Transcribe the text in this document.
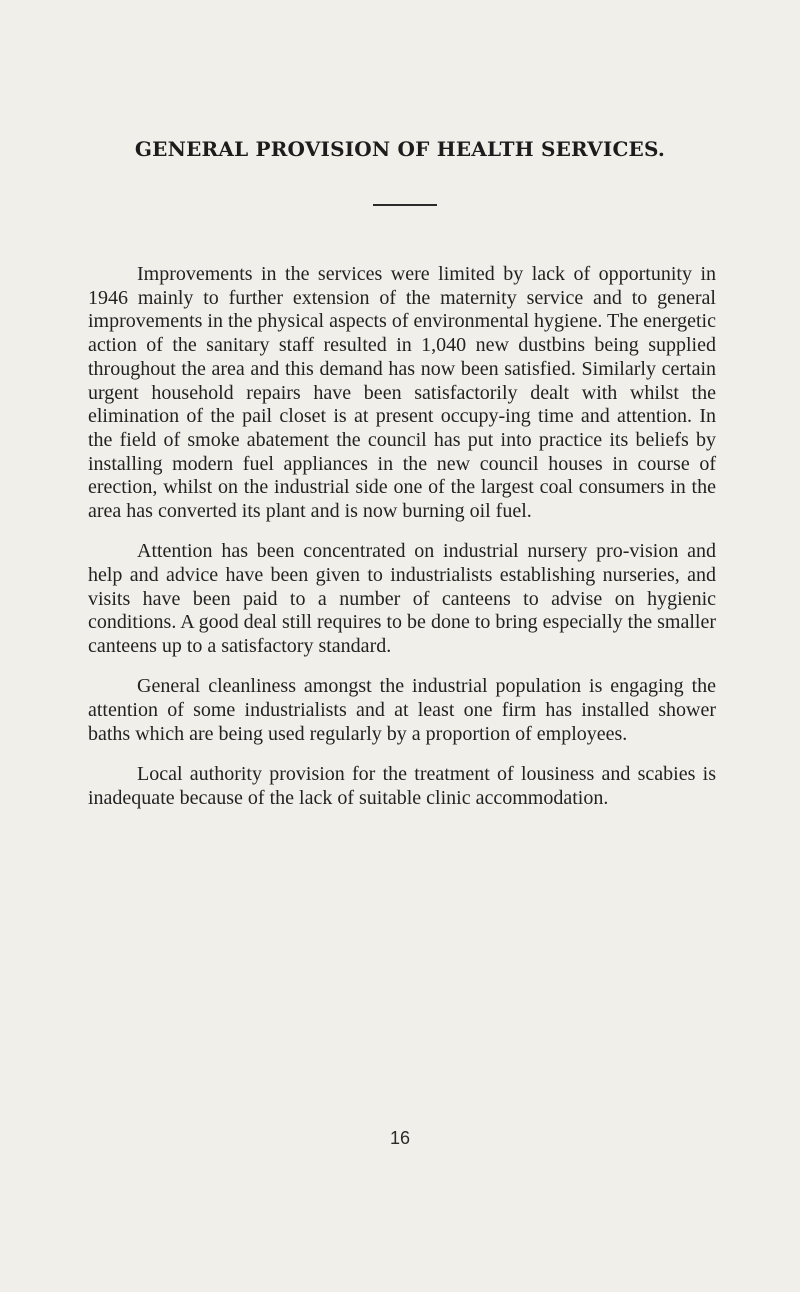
GENERAL PROVISION OF HEALTH SERVICES.

Improvements in the services were limited by lack of opportunity in 1946 mainly to further extension of the maternity service and to general improvements in the physical aspects of environmental hygiene. The energetic action of the sanitary staff resulted in 1,040 new dustbins being supplied throughout the area and this demand has now been satisfied. Similarly certain urgent household repairs have been satisfactorily dealt with whilst the elimination of the pail closet is at present occupy-ing time and attention. In the field of smoke abatement the council has put into practice its beliefs by installing modern fuel appliances in the new council houses in course of erection, whilst on the industrial side one of the largest coal consumers in the area has converted its plant and is now burning oil fuel.

Attention has been concentrated on industrial nursery pro-vision and help and advice have been given to industrialists establishing nurseries, and visits have been paid to a number of canteens to advise on hygienic conditions. A good deal still requires to be done to bring especially the smaller canteens up to a satisfactory standard.

General cleanliness amongst the industrial population is engaging the attention of some industrialists and at least one firm has installed shower baths which are being used regularly by a proportion of employees.

Local authority provision for the treatment of lousiness and scabies is inadequate because of the lack of suitable clinic accommodation.

16
